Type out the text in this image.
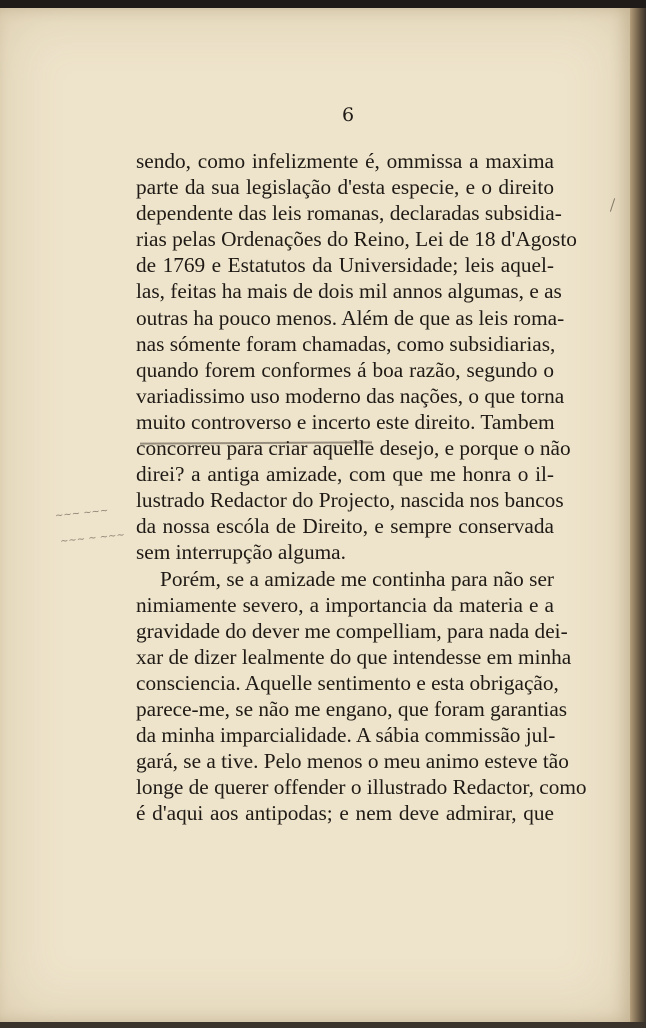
6
~~~ ~~~
~~~ ~ ~~~
sendo, como infelizmente é, ommissa a maxima
parte da sua legislação d'esta especie, e o direito
dependente das leis romanas, declaradas subsidia-
rias pelas Ordenações do Reino, Lei de 18 d'Agosto
de 1769 e Estatutos da Universidade; leis aquel-
las, feitas ha mais de dois mil annos algumas, e as
outras ha pouco menos. Além de que as leis roma-
nas sómente foram chamadas, como subsidiarias,
quando forem conformes á boa razão, segundo o
variadissimo uso moderno das nações, o que torna
muito controverso e incerto este direito. Tambem
concorreu para criar aquelle desejo, e porque o não
direi? a antiga amizade, com que me honra o il-
lustrado Redactor do Projecto, nascida nos bancos
da nossa escóla de Direito, e sempre conservada
sem interrupção alguma.
Porém, se a amizade me continha para não ser
nimiamente severo, a importancia da materia e a
gravidade do dever me compelliam, para nada dei-
xar de dizer lealmente do que intendesse em minha
consciencia. Aquelle sentimento e esta obrigação,
parece-me, se não me engano, que foram garantias
da minha imparcialidade. A sábia commissão jul-
gará, se a tive. Pelo menos o meu animo esteve tão
longe de querer offender o illustrado Redactor, como
é d'aqui aos antipodas; e nem deve admirar, que
